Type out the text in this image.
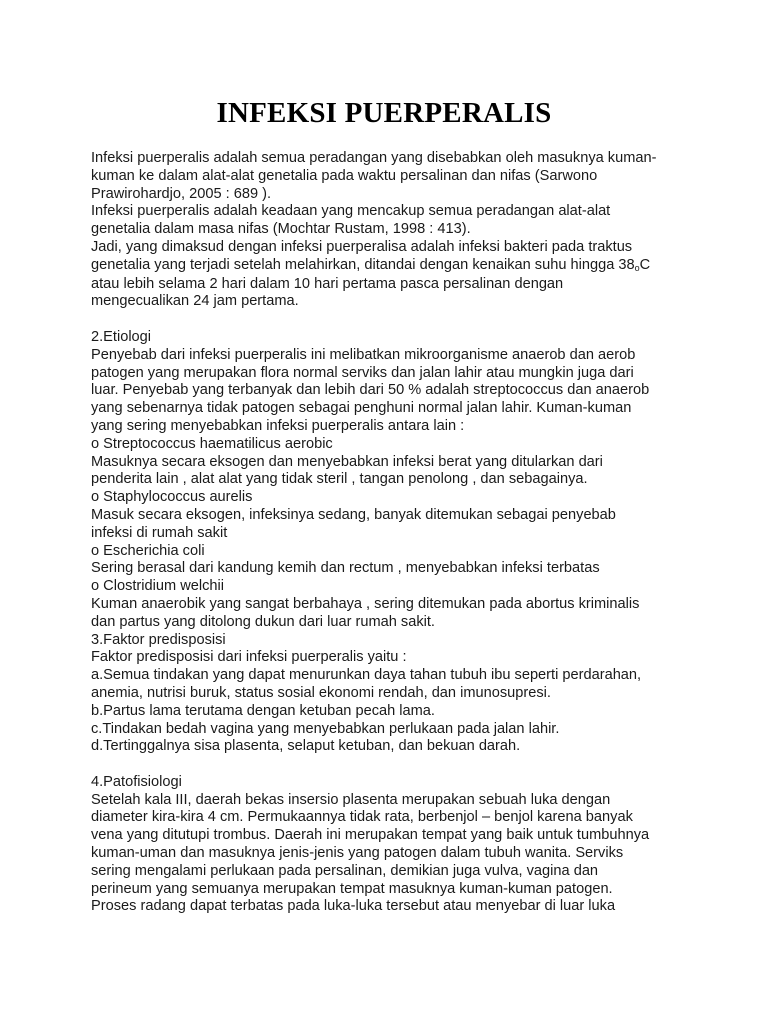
INFEKSI PUERPERALIS
Infeksi puerperalis adalah semua peradangan yang disebabkan oleh masuknya kuman-
kuman ke dalam alat-alat genetalia pada waktu persalinan dan nifas (Sarwono
Prawirohardjo, 2005 : 689 ).
Infeksi puerperalis adalah keadaan yang mencakup semua peradangan alat-alat
genetalia dalam masa nifas (Mochtar Rustam, 1998 : 413).
Jadi, yang dimaksud dengan infeksi puerperalisa adalah infeksi bakteri pada traktus
genetalia yang terjadi setelah melahirkan, ditandai dengan kenaikan suhu hingga 38oC
atau lebih selama 2 hari dalam 10 hari pertama pasca persalinan dengan
mengecualikan 24 jam pertama.
2.Etiologi
Penyebab dari infeksi puerperalis ini melibatkan mikroorganisme anaerob dan aerob
patogen yang merupakan flora normal serviks dan jalan lahir atau mungkin juga dari
luar. Penyebab yang terbanyak dan lebih dari 50 % adalah streptococcus dan anaerob
yang sebenarnya tidak patogen sebagai penghuni normal jalan lahir. Kuman-kuman
yang sering menyebabkan infeksi puerperalis antara lain :
o Streptococcus haematilicus aerobic
Masuknya secara eksogen dan menyebabkan infeksi berat yang ditularkan dari
penderita lain , alat alat yang tidak steril , tangan penolong , dan sebagainya.
o Staphylococcus aurelis
Masuk secara eksogen, infeksinya sedang, banyak ditemukan sebagai penyebab
infeksi di rumah sakit
o Escherichia coli
Sering berasal dari kandung kemih dan rectum , menyebabkan infeksi terbatas
o Clostridium welchii
Kuman anaerobik yang sangat berbahaya , sering ditemukan pada abortus kriminalis
dan partus yang ditolong dukun dari luar rumah sakit.
3.Faktor predisposisi
Faktor predisposisi dari infeksi puerperalis yaitu :
a.Semua tindakan yang dapat menurunkan daya tahan tubuh ibu seperti perdarahan,
anemia, nutrisi buruk, status sosial ekonomi rendah, dan imunosupresi.
b.Partus lama terutama dengan ketuban pecah lama.
c.Tindakan bedah vagina yang menyebabkan perlukaan pada jalan lahir.
d.Tertinggalnya sisa plasenta, selaput ketuban, dan bekuan darah.
4.Patofisiologi
Setelah kala III, daerah bekas insersio plasenta merupakan sebuah luka dengan
diameter kira-kira 4 cm. Permukaannya tidak rata, berbenjol – benjol karena banyak
vena yang ditutupi trombus. Daerah ini merupakan tempat yang baik untuk tumbuhnya
kuman-uman dan masuknya jenis-jenis yang patogen dalam tubuh wanita. Serviks
sering mengalami perlukaan pada persalinan, demikian juga vulva, vagina dan
perineum yang semuanya merupakan tempat masuknya kuman-kuman patogen.
Proses radang dapat terbatas pada luka-luka tersebut atau menyebar di luar luka
